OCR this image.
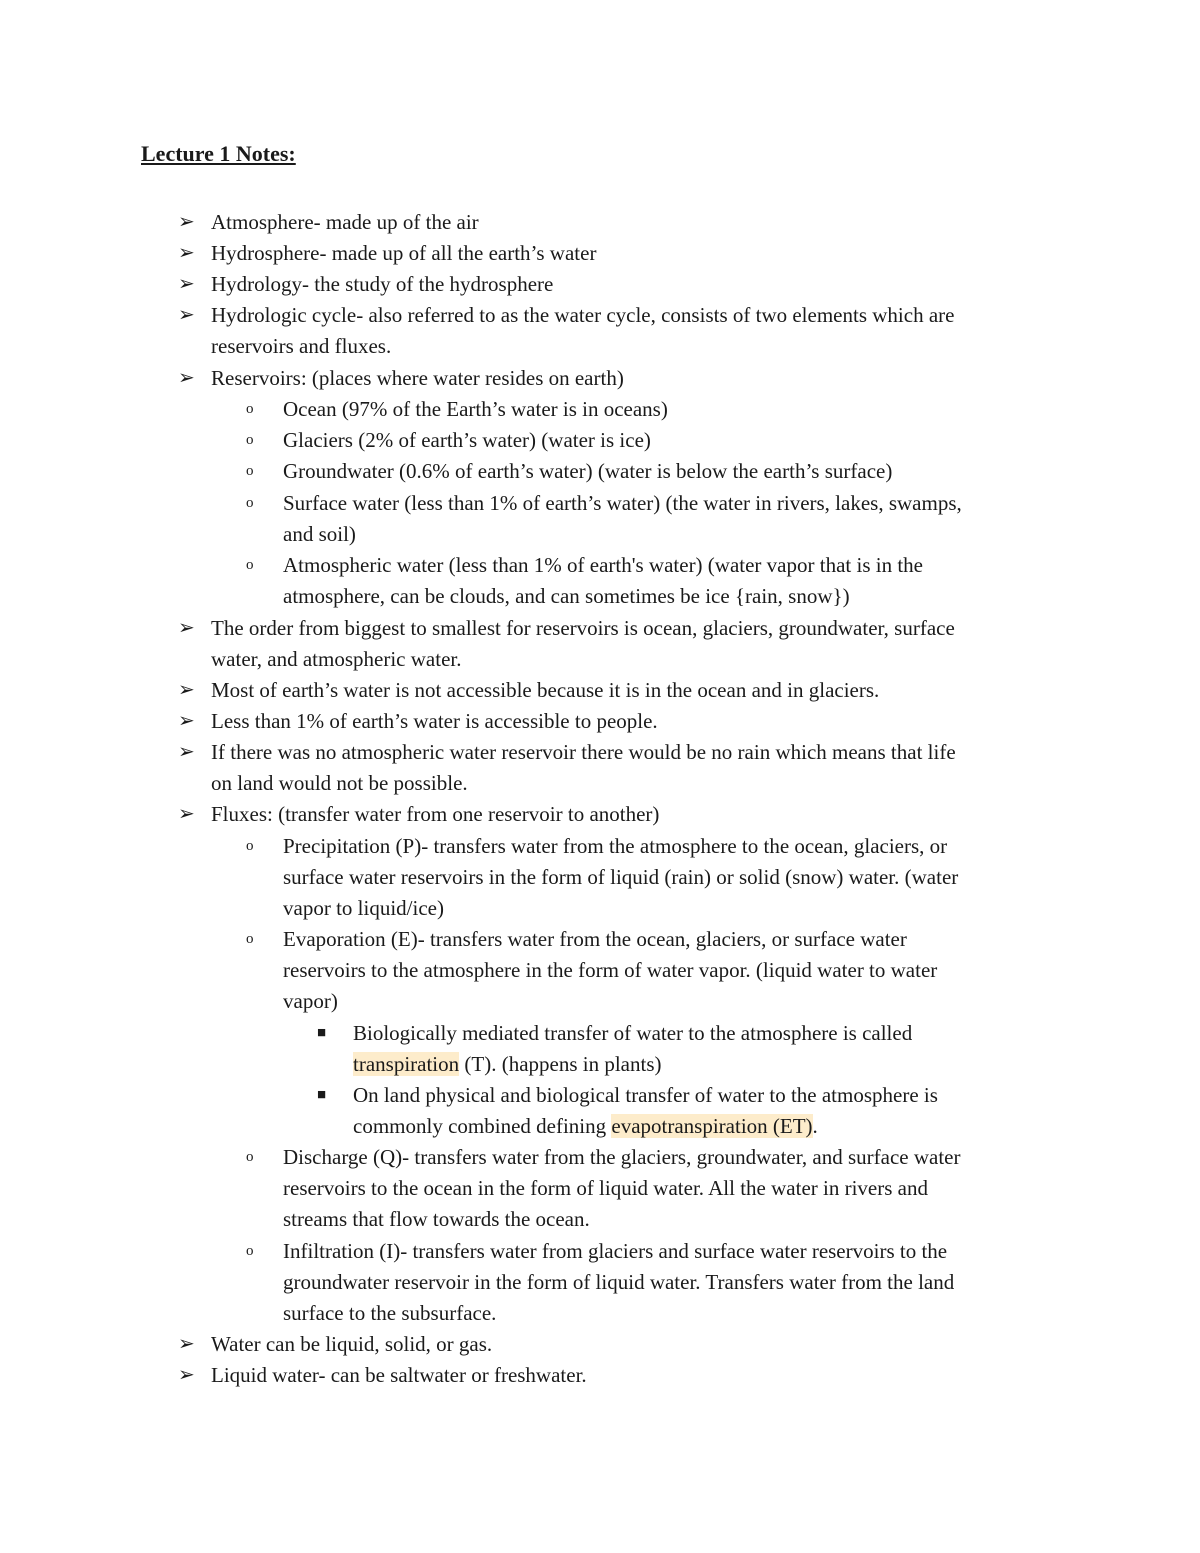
Lecture 1 Notes:
➢ Atmosphere- made up of the air
➢ Hydrosphere- made up of all the earth’s water
➢ Hydrology- the study of the hydrosphere
➢ Hydrologic cycle- also referred to as the water cycle, consists of two elements which are
reservoirs and fluxes.
➢ Reservoirs: (places where water resides on earth)
o Ocean (97% of the Earth’s water is in oceans)
o Glaciers (2% of earth’s water) (water is ice)
o Groundwater (0.6% of earth’s water) (water is below the earth’s surface)
o Surface water (less than 1% of earth’s water) (the water in rivers, lakes, swamps,
and soil)
o Atmospheric water (less than 1% of earth's water) (water vapor that is in the
atmosphere, can be clouds, and can sometimes be ice {rain, snow})
➢ The order from biggest to smallest for reservoirs is ocean, glaciers, groundwater, surface
water, and atmospheric water.
➢ Most of earth’s water is not accessible because it is in the ocean and in glaciers.
➢ Less than 1% of earth’s water is accessible to people.
➢ If there was no atmospheric water reservoir there would be no rain which means that life
on land would not be possible.
➢ Fluxes: (transfer water from one reservoir to another)
o Precipitation (P)- transfers water from the atmosphere to the ocean, glaciers, or
surface water reservoirs in the form of liquid (rain) or solid (snow) water. (water
vapor to liquid/ice)
o Evaporation (E)- transfers water from the ocean, glaciers, or surface water
reservoirs to the atmosphere in the form of water vapor. (liquid water to water
vapor)
■ Biologically mediated transfer of water to the atmosphere is called
transpiration (T). (happens in plants)
■ On land physical and biological transfer of water to the atmosphere is
commonly combined defining evapotranspiration (ET).
o Discharge (Q)- transfers water from the glaciers, groundwater, and surface water
reservoirs to the ocean in the form of liquid water. All the water in rivers and
streams that flow towards the ocean.
o Infiltration (I)- transfers water from glaciers and surface water reservoirs to the
groundwater reservoir in the form of liquid water. Transfers water from the land
surface to the subsurface.
➢ Water can be liquid, solid, or gas.
➢ Liquid water- can be saltwater or freshwater.
